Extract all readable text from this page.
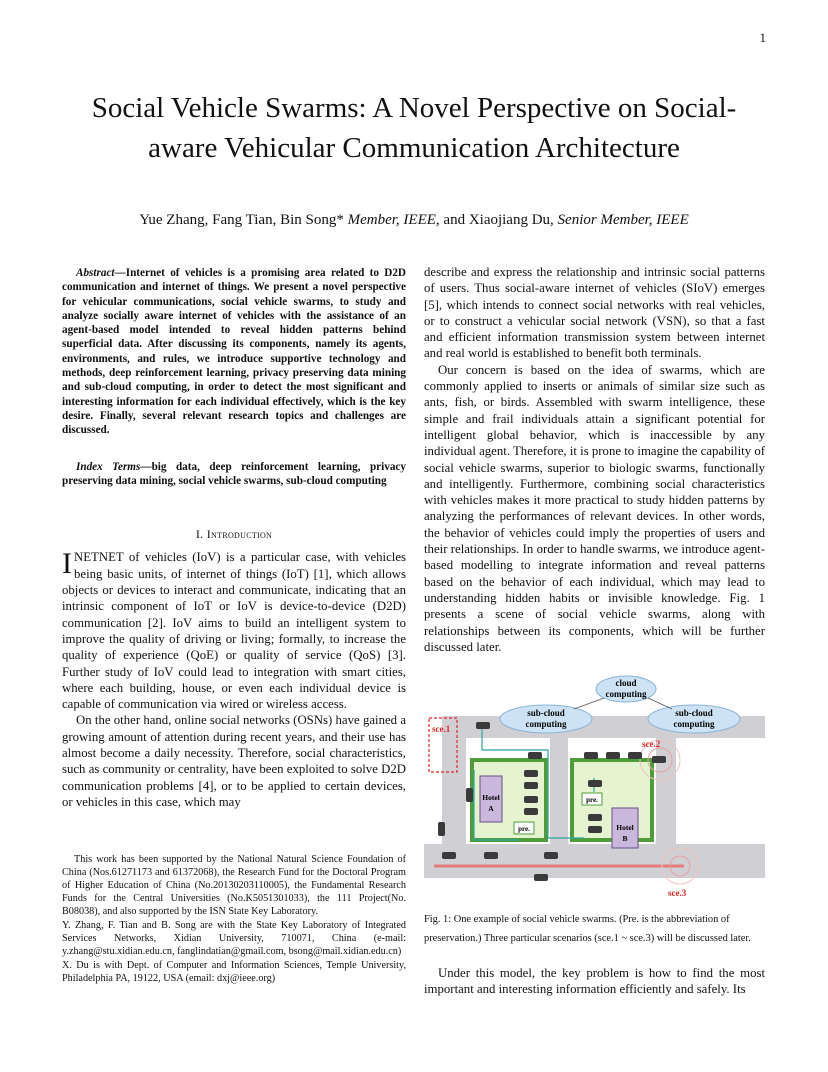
1
Social Vehicle Swarms: A Novel Perspective on Social-aware Vehicular Communication Architecture
Yue Zhang, Fang Tian, Bin Song* Member, IEEE, and Xiaojiang Du, Senior Member, IEEE

Abstract—Internet of vehicles is a promising area related to D2D communication and internet of things. We present a novel perspective for vehicular communications, social vehicle swarms, to study and analyze socially aware internet of vehicles with the assistance of an agent-based model intended to reveal hidden patterns behind superficial data. After discussing its components, namely its agents, environments, and rules, we introduce supportive technology and methods, deep reinforcement learning, privacy preserving data mining and sub-cloud computing, in order to detect the most significant and interesting information for each individual effectively, which is the key desire. Finally, several relevant research topics and challenges are discussed.

Index Terms—big data, deep reinforcement learning, privacy preserving data mining, social vehicle swarms, sub-cloud computing

I. Introduction

INETNET of vehicles (IoV) is a particular case, with vehicles being basic units, of internet of things (IoT) [1], which allows objects or devices to interact and communicate, indicating that an intrinsic component of IoT or IoV is device-to-device (D2D) communication [2]. IoV aims to build an intelligent system to improve the quality of driving or living; formally, to increase the quality of experience (QoE) or quality of service (QoS) [3]. Further study of IoV could lead to integration with smart cities, where each building, house, or even each individual device is capable of communication via wired or wireless access.

On the other hand, online social networks (OSNs) have gained a growing amount of attention during recent years, and their use has almost become a daily necessity. Therefore, social characteristics, such as community or centrality, have been exploited to solve D2D communication problems [4], or to be applied to certain devices, or vehicles in this case, which may

This work has been supported by the National Natural Science Foundation of China (Nos.61271173 and 61372068), the Research Fund for the Doctoral Program of Higher Education of China (No.20130203110005), the Fundamental Research Funds for the Central Universities (No.K5051301033), the 111 Project(No. B08038), and also supported by the ISN State Key Laboratory.

Y. Zhang, F. Tian and B. Song are with the State Key Laboratory of Integrated Services Networks, Xidian University, 710071, China (e-mail: y.zhang@stu.xidian.edu.cn, fanglindatian@gmail.com, bsong@mail.xidian.edu.cn)

X. Du is with Dept. of Computer and Information Sciences, Temple University, Philadelphia PA, 19122, USA (email: dxj@ieee.org)

describe and express the relationship and intrinsic social patterns of users. Thus social-aware internet of vehicles (SIoV) emerges [5], which intends to connect social networks with real vehicles, or to construct a vehicular social network (VSN), so that a fast and efficient information transmission system between internet and real world is established to benefit both terminals.

Our concern is based on the idea of swarms, which are commonly applied to inserts or animals of similar size such as ants, fish, or birds. Assembled with swarm intelligence, these simple and frail individuals attain a significant potential for intelligent global behavior, which is inaccessible by any individual agent. Therefore, it is prone to imagine the capability of social vehicle swarms, superior to biologic swarms, functionally and intelligently. Furthermore, combining social characteristics with vehicles makes it more practical to study hidden patterns by analyzing the performances of relevant devices. In other words, the behavior of vehicles could imply the properties of users and their relationships. In order to handle swarms, we introduce agent-based modelling to integrate information and reveal patterns based on the behavior of each individual, which may lead to understanding hidden habits or invisible knowledge. Fig. 1 presents a scene of social vehicle swarms, along with relationships between its components, which will be further discussed later.

Hotel
A
Hotel
B
pre.
pre.
cloud
computing
sub-cloud
computing
sub-cloud
computing
sce.1
sce.2
sce.3
Fig. 1: One example of social vehicle swarms. (Pre. is the abbreviation of preservation.) Three particular scenarios (sce.1 ~ sce.3) will be discussed later.

Under this model, the key problem is how to find the most important and interesting information efficiently and safely. Its
